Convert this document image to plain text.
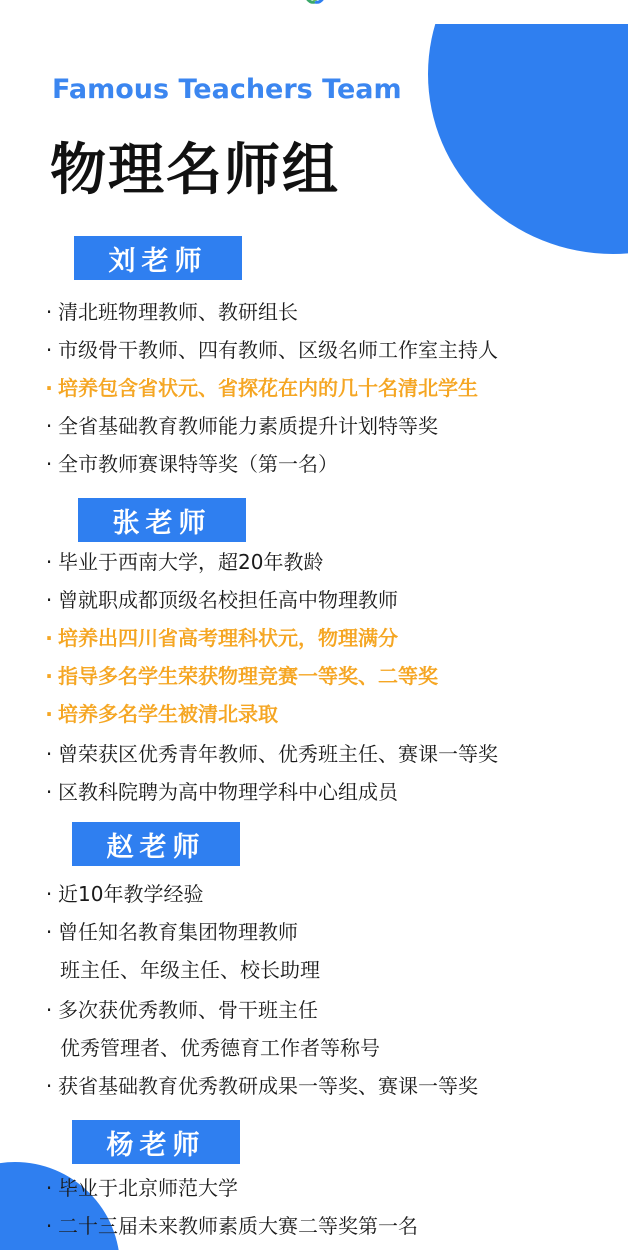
Famous Teachers Team
物理名师组
刘老师
· 清北班物理教师、教研组长
· 市级骨干教师、四有教师、区级名师工作室主持人
· 培养包含省状元、省探花在内的几十名清北学生
· 全省基础教育教师能力素质提升计划特等奖
· 全市教师赛课特等奖（第一名）
张老师
· 毕业于西南大学，超20年教龄
· 曾就职成都顶级名校担任高中物理教师
· 培养出四川省高考理科状元，物理满分
· 指导多名学生荣获物理竞赛一等奖、二等奖
· 培养多名学生被清北录取
· 曾荣获区优秀青年教师、优秀班主任、赛课一等奖
· 区教科院聘为高中物理学科中心组成员
赵老师
· 近10年教学经验
· 曾任知名教育集团物理教师
班主任、年级主任、校长助理
· 多次获优秀教师、骨干班主任
优秀管理者、优秀德育工作者等称号
· 获省基础教育优秀教研成果一等奖、赛课一等奖
杨老师
· 毕业于北京师范大学
· 二十三届未来教师素质大赛二等奖第一名
